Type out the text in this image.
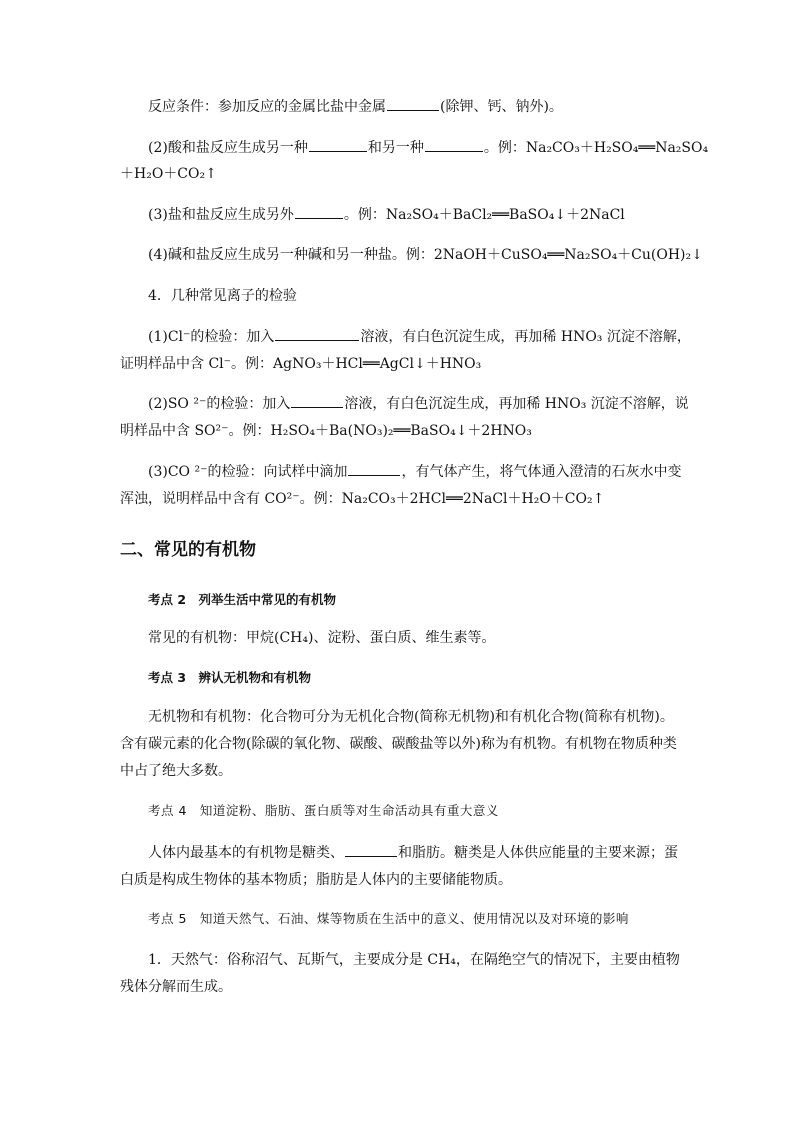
反应条件：参加反应的金属比盐中金属	(除钾、钙、钠外)。
(2)酸和盐反应生成另一种	和另一种	。例：Na₂CO₃＋H₂SO₄══Na₂SO₄
＋H₂O＋CO₂↑
(3)盐和盐反应生成另外	。例：Na₂SO₄＋BaCl₂══BaSO₄↓＋2NaCl
(4)碱和盐反应生成另一种碱和另一种盐。例：2NaOH＋CuSO₄══Na₂SO₄＋Cu(OH)₂↓
4．几种常见离子的检验
(1)Cl⁻的检验：加入	溶液，有白色沉淀生成，再加稀 HNO₃ 沉淀不溶解，
证明样品中含 Cl⁻。例：AgNO₃＋HCl══AgCl↓＋HNO₃
(2)SO ²⁻的检验：加入	溶液，有白色沉淀生成，再加稀 HNO₃ 沉淀不溶解，说
明样品中含 SO²⁻。例：H₂SO₄＋Ba(NO₃)₂══BaSO₄↓＋2HNO₃
(3)CO ²⁻的检验：向试样中滴加	，有气体产生，将气体通入澄清的石灰水中变
浑浊，说明样品中含有 CO²⁻。例：Na₂CO₃＋2HCl══2NaCl＋H₂O＋CO₂↑
二、常见的有机物
考点 2　列举生活中常见的有机物
常见的有机物：甲烷(CH₄)、淀粉、蛋白质、维生素等。
考点 3　辨认无机物和有机物
无机物和有机物：化合物可分为无机化合物(简称无机物)和有机化合物(简称有机物)。
含有碳元素的化合物(除碳的氧化物、碳酸、碳酸盐等以外)称为有机物。有机物在物质种类
中占了绝大多数。
考点 4　知道淀粉、脂肪、蛋白质等对生命活动具有重大意义
人体内最基本的有机物是糖类、	和脂肪。糖类是人体供应能量的主要来源；蛋
白质是构成生物体的基本物质；脂肪是人体内的主要储能物质。
考点 5　知道天然气、石油、煤等物质在生活中的意义、使用情况以及对环境的影响
1．天然气：俗称沼气、瓦斯气，主要成分是 CH₄，在隔绝空气的情况下，主要由植物
残体分解而生成。
